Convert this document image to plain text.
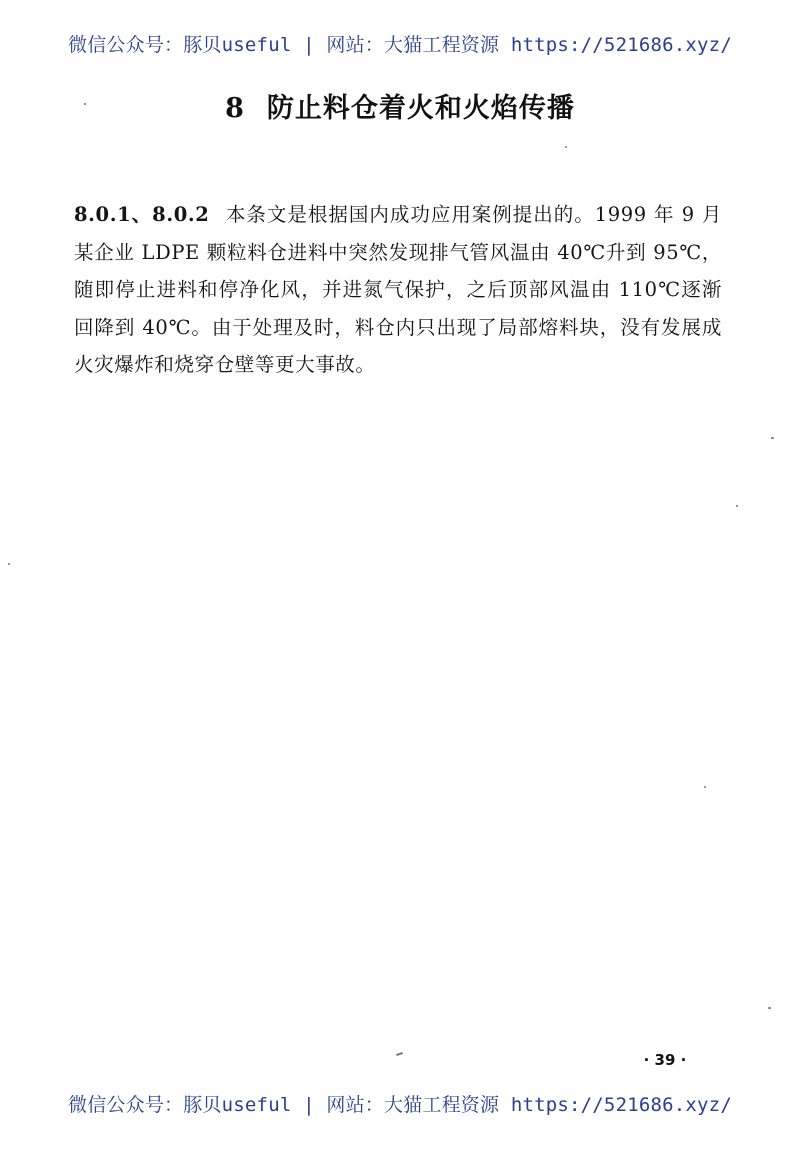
微信公众号：豚贝useful | 网站：大猫工程资源 https://521686.xyz/
8 防止料仓着火和火焰传播
8.0.1、8.0.2 本条文是根据国内成功应用案例提出的。1999 年 9 月某企业 LDPE 颗粒料仓进料中突然发现排气管风温由 40℃升到 95℃，随即停止进料和停净化风，并进氮气保护，之后顶部风温由 110℃逐渐回降到 40℃。由于处理及时，料仓内只出现了局部熔料块，没有发展成火灾爆炸和烧穿仓壁等更大事故。
· 39 ·
微信公众号：豚贝useful | 网站：大猫工程资源 https://521686.xyz/
